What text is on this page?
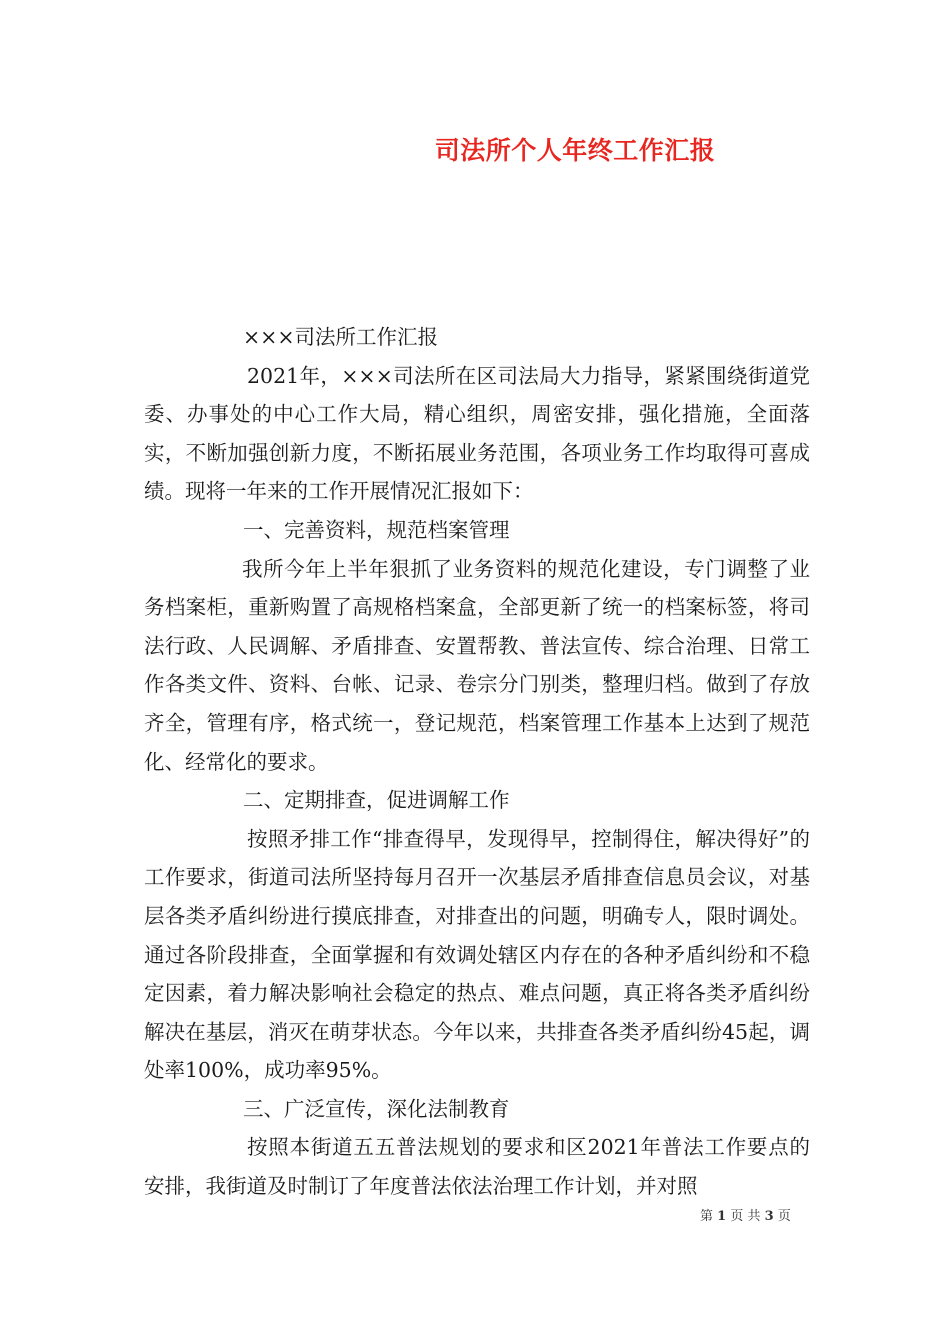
司法所个人年终工作汇报

×××司法所工作汇报

2021年，×××司法所在区司法局大力指导，紧紧围绕街道党委、办事处的中心工作大局，精心组织，周密安排，强化措施，全面落实，不断加强创新力度，不断拓展业务范围，各项业务工作均取得可喜成绩。现将一年来的工作开展情况汇报如下：

一、完善资料，规范档案管理

我所今年上半年狠抓了业务资料的规范化建设，专门调整了业务档案柜，重新购置了高规格档案盒，全部更新了统一的档案标签，将司法行政、人民调解、矛盾排查、安置帮教、普法宣传、综合治理、日常工作各类文件、资料、台帐、记录、卷宗分门别类，整理归档。做到了存放齐全，管理有序，格式统一，登记规范，档案管理工作基本上达到了规范化、经常化的要求。

二、定期排查，促进调解工作

按照矛排工作“排查得早，发现得早，控制得住，解决得好”的工作要求，街道司法所坚持每月召开一次基层矛盾排查信息员会议，对基层各类矛盾纠纷进行摸底排查，对排查出的问题，明确专人，限时调处。通过各阶段排查，全面掌握和有效调处辖区内存在的各种矛盾纠纷和不稳定因素，着力解决影响社会稳定的热点、难点问题，真正将各类矛盾纠纷解决在基层，消灭在萌芽状态。今年以来，共排查各类矛盾纠纷45起，调处率100%，成功率95%。

三、广泛宣传，深化法制教育

按照本街道五五普法规划的要求和区2021年普法工作要点的安排，我街道及时制订了年度普法依法治理工作计划，并对照

第 1 页 共 3 页
